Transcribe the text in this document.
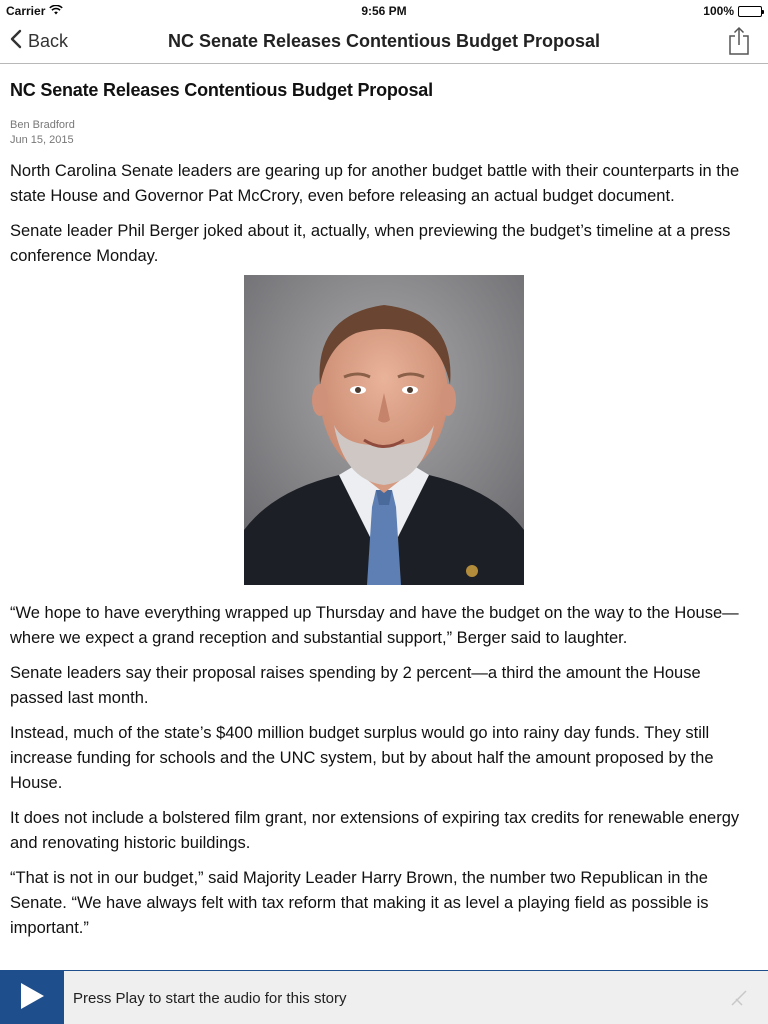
Carrier	9:56 PM	100%
Back	NC Senate Releases Contentious Budget Proposal
NC Senate Releases Contentious Budget Proposal
Ben Bradford
Jun 15, 2015

North Carolina Senate leaders are gearing up for another budget battle with their counterparts in the state House and Governor Pat McCrory, even before releasing an actual budget document.

Senate leader Phil Berger joked about it, actually, when previewing the budget’s timeline at a press conference Monday.

“We hope to have everything wrapped up Thursday and have the budget on the way to the House—where we expect a grand reception and substantial support,” Berger said to laughter.

Senate leaders say their proposal raises spending by 2 percent—a third the amount the House passed last month.

Instead, much of the state’s $400 million budget surplus would go into rainy day funds. They still increase funding for schools and the UNC system, but by about half the amount proposed by the House.

It does not include a bolstered film grant, nor extensions of expiring tax credits for renewable energy and renovating historic buildings.

“That is not in our budget,” said Majority Leader Harry Brown, the number two Republican in the Senate. “We have always felt with tax reform that making it as level a playing field as possible is important.”

Press Play to start the audio for this story
